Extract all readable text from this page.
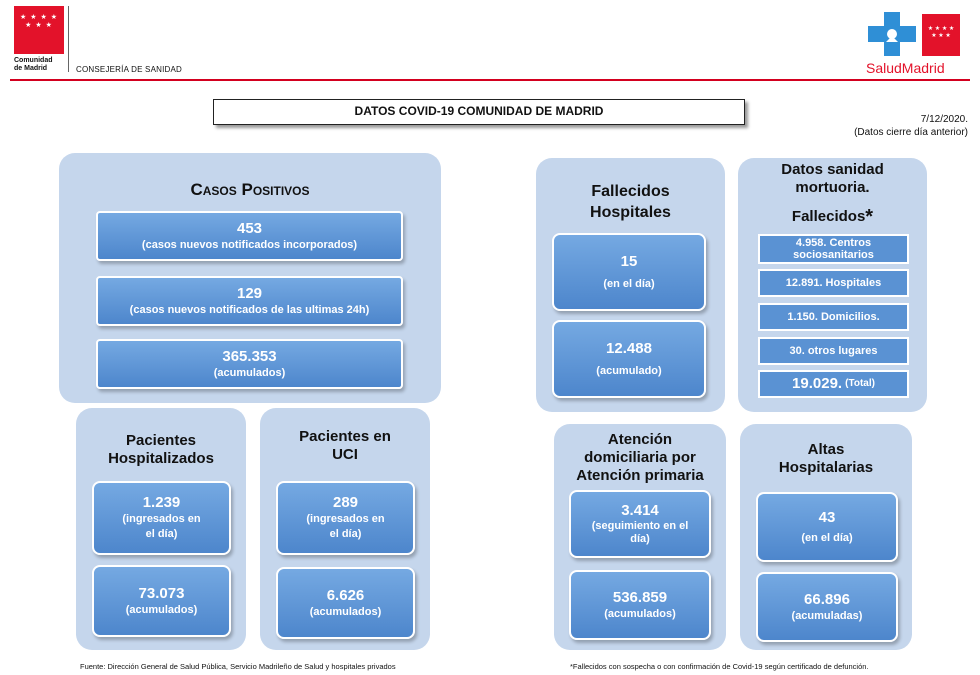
★ ★ ★ ★
★ ★ ★
Comunidad
de Madrid	CONSEJERÍA DE SANIDAD
★ ★ ★ ★
★ ★ ★
SaludMadrid
DATOS COVID-19 COMUNIDAD DE MADRID
7/12/2020.
(Datos cierre día anterior)
Casos Positivos
453
(casos nuevos notificados incorporados)
129
(casos nuevos notificados de las ultimas 24h)
365.353
(acumulados)
Pacientes
Hospitalizados
1.239
(ingresados en
el día)
73.073
(acumulados)
Pacientes en
UCI
289
(ingresados en
el día)
6.626
(acumulados)
Fallecidos
Hospitales
15
(en el día)
12.488
(acumulado)
Datos sanidad
mortuoria.
Fallecidos*
4.958. Centros
sociosanitarios
12.891. Hospitales
1.150. Domicilios.
30. otros lugares
19.029.
(Total)
Atención
domiciliaria por
Atención primaria
3.414
(seguimiento en el
día)
536.859
(acumulados)
Altas
Hospitalarias
43
(en el día)
66.896
(acumuladas)
Fuente: Dirección General de Salud Pública, Servicio Madrileño de Salud y hospitales privados	*Fallecidos con sospecha o con confirmación de Covid-19 según certificado de defunción.
